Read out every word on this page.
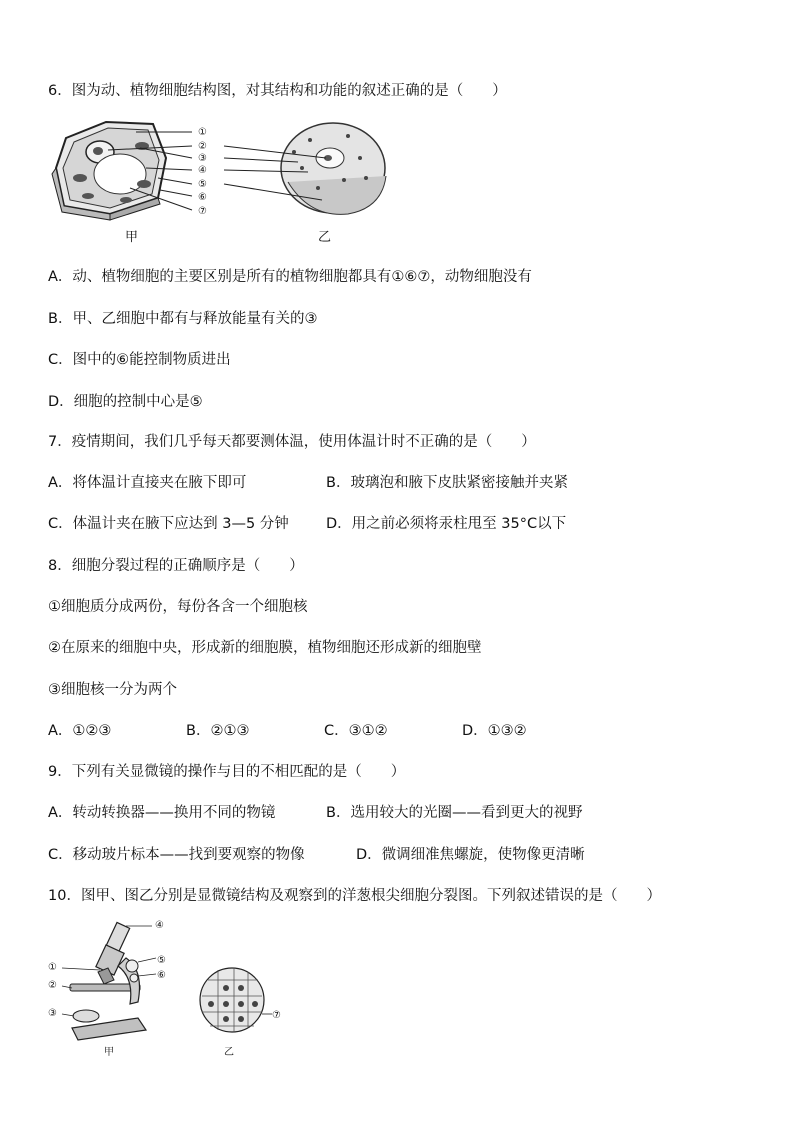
6．图为动、植物细胞结构图，对其结构和功能的叙述正确的是（　　）
①
②
③
④
⑤
⑥
⑦
甲	乙
A．动、植物细胞的主要区别是所有的植物细胞都具有①⑥⑦，动物细胞没有
B．甲、乙细胞中都有与释放能量有关的③
C．图中的⑥能控制物质进出
D．细胞的控制中心是⑤
7．疫情期间，我们几乎每天都要测体温，使用体温计时不正确的是（　　）
A．将体温计直接夹在腋下即可	B．玻璃泡和腋下皮肤紧密接触并夹紧
C．体温计夹在腋下应达到 3—5 分钟	D．用之前必须将汞柱甩至 35°C以下
8．细胞分裂过程的正确顺序是（　　）
①细胞质分成两份，每份各含一个细胞核
②在原来的细胞中央，形成新的细胞膜，植物细胞还形成新的细胞壁
③细胞核一分为两个
A．①②③	B．②①③	C．③①②	D．①③②
9．下列有关显微镜的操作与目的不相匹配的是（　　）
A．转动转换器——换用不同的物镜	B．选用较大的光圈——看到更大的视野
C．移动玻片标本——找到要观察的物像	D．微调细准焦螺旋，使物像更清晰
10．图甲、图乙分别是显微镜结构及观察到的洋葱根尖细胞分裂图。下列叙述错误的是（　　）
④
⑤
⑥
①
②
③	⑦
甲	乙
